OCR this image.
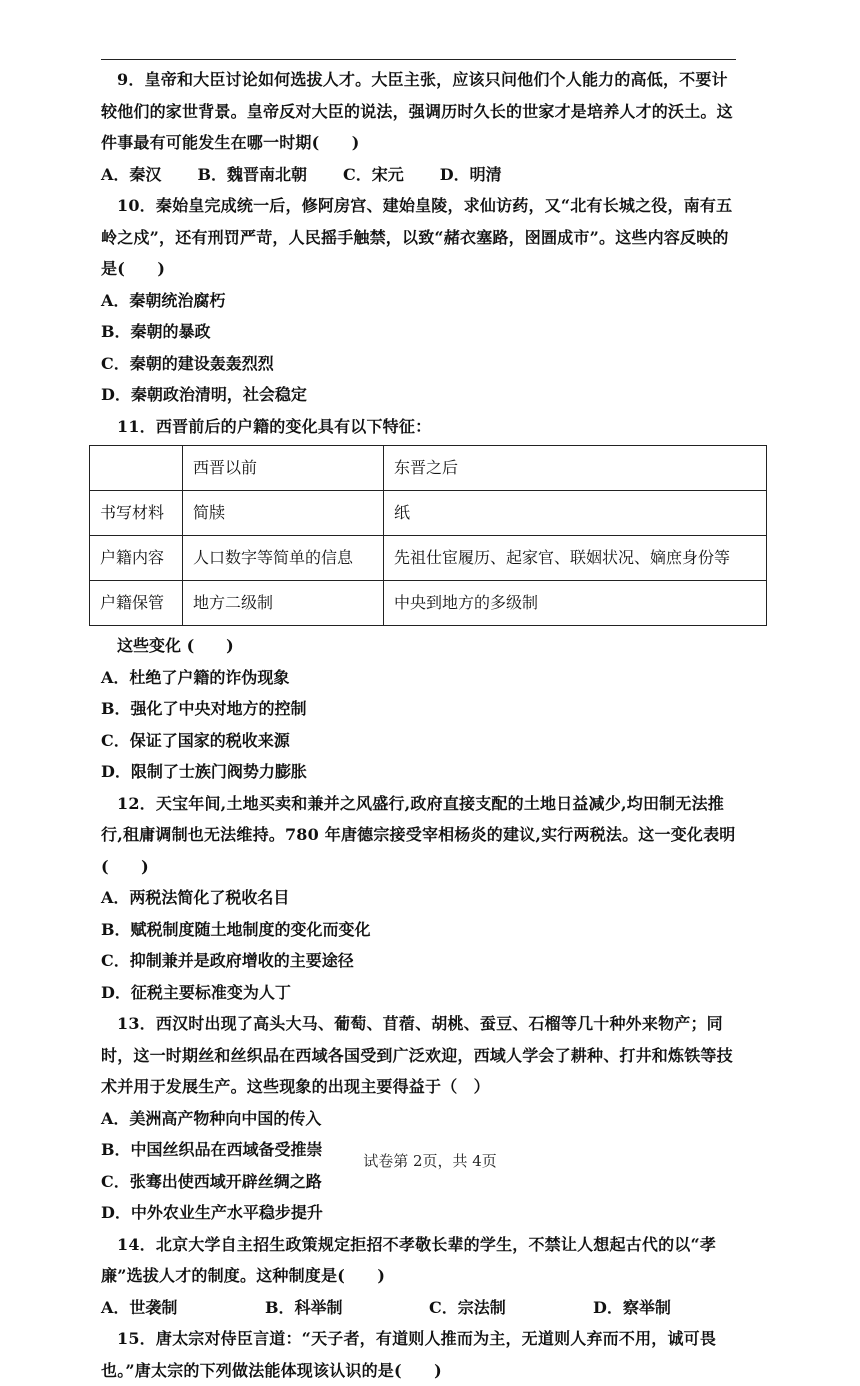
9．皇帝和大臣讨论如何选拔人才。大臣主张，应该只问他们个人能力的高低，不要计较他们的家世背景。皇帝反对大臣的说法，强调历时久长的世家才是培养人才的沃土。这件事最有可能发生在哪一时期(　　)

A．秦汉 B．魏晋南北朝 C．宋元 D．明清

10．秦始皇完成统一后，修阿房宫、建始皇陵，求仙访药，又“北有长城之役，南有五岭之戍”，还有刑罚严苛，人民摇手触禁，以致“赭衣塞路，囹圄成市”。这些内容反映的是(　　)

A．秦朝统治腐朽
B．秦朝的暴政
C．秦朝的建设轰轰烈烈
D．秦朝政治清明，社会稳定

11．西晋前后的户籍的变化具有以下特征：

	西晋以前	东晋之后
书写材料	简牍	纸
户籍内容	人口数字等简单的信息	先祖仕宦履历、起家官、联姻状况、嫡庶身份等
户籍保管	地方二级制	中央到地方的多级制

这些变化 (　　)

A．杜绝了户籍的诈伪现象
B．强化了中央对地方的控制
C．保证了国家的税收来源
D．限制了士族门阀势力膨胀

12．天宝年间,土地买卖和兼并之风盛行,政府直接支配的土地日益减少,均田制无法推行,租庸调制也无法维持。780 年唐德宗接受宰相杨炎的建议,实行两税法。这一变化表明 (　　)

A．两税法简化了税收名目
B．赋税制度随土地制度的变化而变化
C．抑制兼并是政府增收的主要途径
D．征税主要标准变为人丁

13．西汉时出现了高头大马、葡萄、苜蓿、胡桃、蚕豆、石榴等几十种外来物产；同时，这一时期丝和丝织品在西域各国受到广泛欢迎，西域人学会了耕种、打井和炼铁等技术并用于发展生产。这些现象的出现主要得益于（　）

A．美洲高产物种向中国的传入
B．中国丝织品在西域备受推崇
C．张骞出使西域开辟丝绸之路
D．中外农业生产水平稳步提升

14．北京大学自主招生政策规定拒招不孝敬长辈的学生，不禁让人想起古代的以“孝廉”选拔人才的制度。这种制度是(　　)

A．世袭制	B．科举制	C．宗法制	D．察举制

15．唐太宗对侍臣言道：“天子者，有道则人推而为主，无道则人弃而不用，诚可畏也。”唐太宗的下列做法能体现该认识的是(　　)

试卷第 2页，共 4页
